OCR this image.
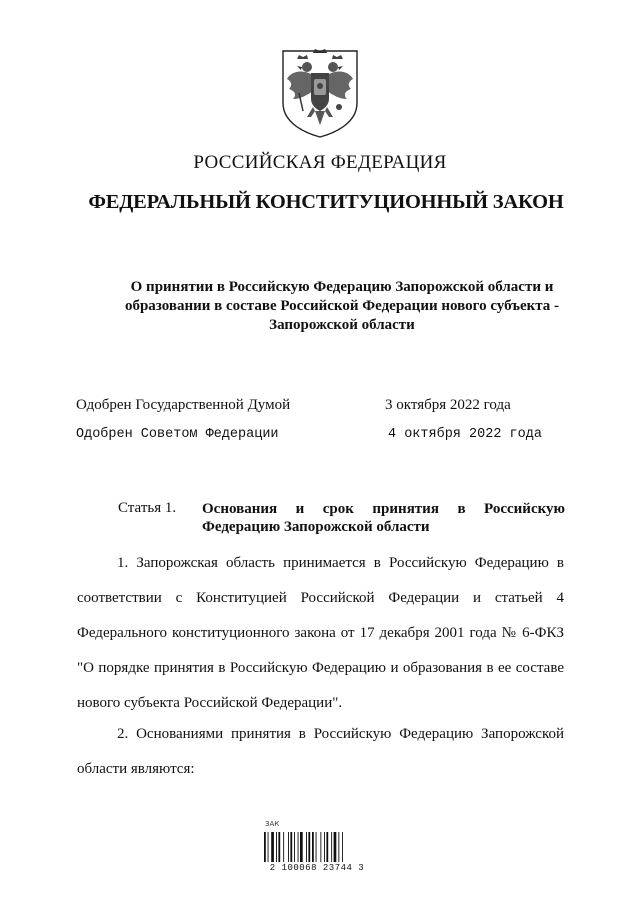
РОССИЙСКАЯ ФЕДЕРАЦИЯ
ФЕДЕРАЛЬНЫЙ КОНСТИТУЦИОННЫЙ ЗАКОН
О принятии в Российскую Федерацию Запорожской области и образовании в составе Российской Федерации нового субъекта - Запорожской области
Одобрен Государственной Думой	3 октября 2022 года
Одобрен Советом Федерации	4 октября 2022 года
Статья 1. Основания и срок принятия в Российскую Федерацию Запорожской области
1. Запорожская область принимается в Российскую Федерацию в соответствии с Конституцией Российской Федерации и статьей 4 Федерального конституционного закона от 17 декабря 2001 года № 6-ФКЗ "О порядке принятия в Российскую Федерацию и образования в ее составе нового субъекта Российской Федерации".
2. Основаниями принятия в Российскую Федерацию Запорожской области являются:
ЗАК
2 100068 23744 3
